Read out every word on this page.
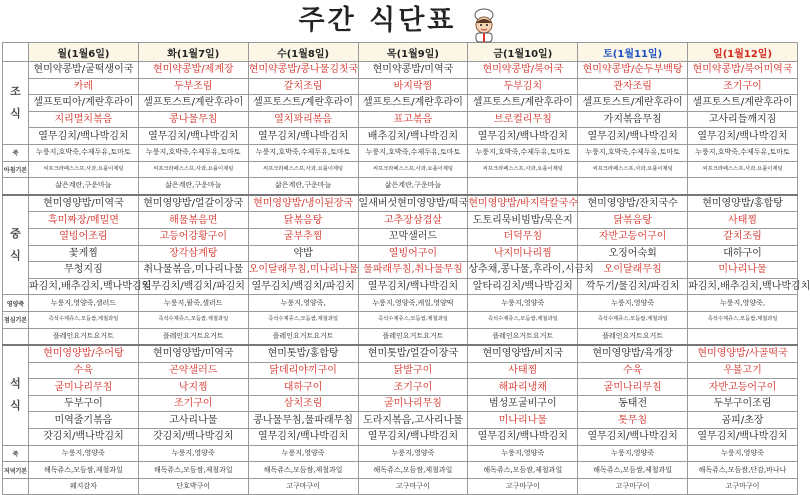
주간 식단표
	월(1월6일)	화(1월7일)	수(1월8일)	목(1월9일)	금(1월10일)	토(1월11일)	일(1월12일)
조 식	현미약콩밥/굴떡생이국	현미약콩밥/제계장	현미약콩밥/콩나물김칫국	현미약콩밥/미역국	현미약콩밥/북어국	현미약콩밥/순두부백탕	현미약콩밥/북어미역국
	카레	두부조림	갈치조림	바지락찜	두부김치	관자조림	조기구이
	셀프토띠아/계란후라이	셀프토스트/계란후라이	셀프토스트/계란후라이	셀프토스트/계란후라이	셀프토스트/계란후라이	셀프토스트/계란후라이	셀프토스트/계란후라이
	지리멸치볶음	콩나물무침	열치꽈리볶음	표고볶음	브로컬리무침	가지볶음무침	고사리들깨지짐
	열무김치/백나박김치	열무김치/백나박김치	열무김치/백나박김치	배추김치/백나박김치	열무김치/백나박김치	열무김치/백나박김치	열무김치/백나박김치
죽	누룽지,호박죽,수제두유,토마토	누룽지,호박죽,수제두유,토마토	누룽지,호박죽,수제두유,토마토	누룽지,호박죽,수제두유,토마토	누룽지,호박죽,수제두유,토마토	누룽지,호박죽,수제두유,토마토	누룽지,호박죽,수제두유,토마토
아침기본	씨프크라페스스프,사과,요플이제팅	씨프크라페스스프,사과,요플이제팅	씨프크라페스스프,사과,요플이제팅	씨프크라페스스프,사과,요플이제팅	씨프크라페스스프,사과,요플이제팅	씨프크라페스스프,사과,요플이제팅	씨프크라페스스프,사과,요플이제팅
	삶은계란,구운마늘	삶은계란,구운마늘	삶은계란,구운마늘	삶은계란,구운마늘			
중 식	현미영양밥/미역국	현미영양밥/얼갈이장국	현미영양밥/냉이된장국	일새버섯현미영양밥/떡국	현미영양밥/바지락칼국수	현미영양밥/잔치국수	현미영양밥/홍합탕
	흑미짜장/메밀면	해물볶음면	닭볶음탕	고추장삼겹살	도토리묵비빔밥/묵은지	닭볶음탕	사태찜
	열빙어조림	고등어강황구이	굴부추찜	꼬막샐러드	더덕무침	자반고등어구이	갈치조림
	꽃게찜	장각삼계탕	약밥	열빙어구이	낙지미나리찜	오징어숙회	대하구이
	무청지짐	취나물볶음,미나리나물	오이달래무침,미나리나물	물파래무침,취나물무침	상추채,콩나물,후라이,시금치	오이달래무침	미나리나물
	파김치,배추김치,백나박김치	열무김치/백김치/파김치	열무김치/백김치/파김치	열무김치/백나박김치	알타리김치/백나박김치	깍두기/물김치/파김치	파김치,배추김치,백나박김치
영양죽	누룽지,영양죽,샐러드	누룽지,팥죽,샐러드	누룽지,영양죽,	누룽지,영양죽,케일,영양떡	누룽지,영양죽	누룽지,영양죽	누룽지,영양죽,
점심기본	즉석수제쥬스,모듬쌈,제철과일	즉석수제쥬스,모듬쌈,제철과일	즉석수제쥬스,모듬쌈,제철과일	즉석수제쥬스,모듬쌈,제철과일	즉석수제쥬스,모듬쌈,제철과일	즉석수제쥬스,모듬쌈,제철과일	즉석수제쥬스,모듬쌈,제철과일
	플레인요거트요거트	플레인요거트요거트	플레인요거트요거트	플레인요거트요거트	플레인요거트요거트	플레인요거트요거트	
석 식	현미영양밥/추어탕	현미영양밥/미역국	현미톳밥/홍합탕	현미톳밥/얼갈이장국	현미영양밥/비지국	현미영양밥/육개장	현미영양밥/사골떡국
	수육	곤약샐러드	닭데리야끼구이	닭발구이	사태찜	수육	우볼고기
	굴미나리무침	낙지찜	대하구이	조기구이	해파리냉채	굴미나리무침	자반고등어구이
	두부구이	조기구이	삼치조림	굴미나리무침	범성포굴비구이	동태전	두부구이조림
	미역줄기볶음	고사리나물	콩나물무침,물파래무침	도라지볶음,고사리나물	미나리나물	톳무침	곰피/초장
	갓김치/백나박김치	갓김치/백나박김치	열무김치/백나박김치	열무김치/백나박김치	열무김치/백나박김치	열무김치/백나박김치	열무김치/백나박김치
죽	누룽지,영양죽	누룽지,영양죽	누룽지,영양죽	누룽지,영양죽	누룽지,영양죽	누룽지,영양죽	누룽지,영양죽
저녁기본	해독쥬스,모듬쌈,제철과일	해독쥬스,모듬쌈,제철과일	해독쥬스,모듬쌈,제철과일	해독쥬스,모듬쌈,제철과일	해독쥬스,모듬쌈,제철과일	해독쥬스,모듬쌈,제철과일	해독쥬스,모듬쌈,단감,바나나
	웨지감자	단호박구이	고구마구이	고구마구이	고구마구이	고구마구이	고구마구이
